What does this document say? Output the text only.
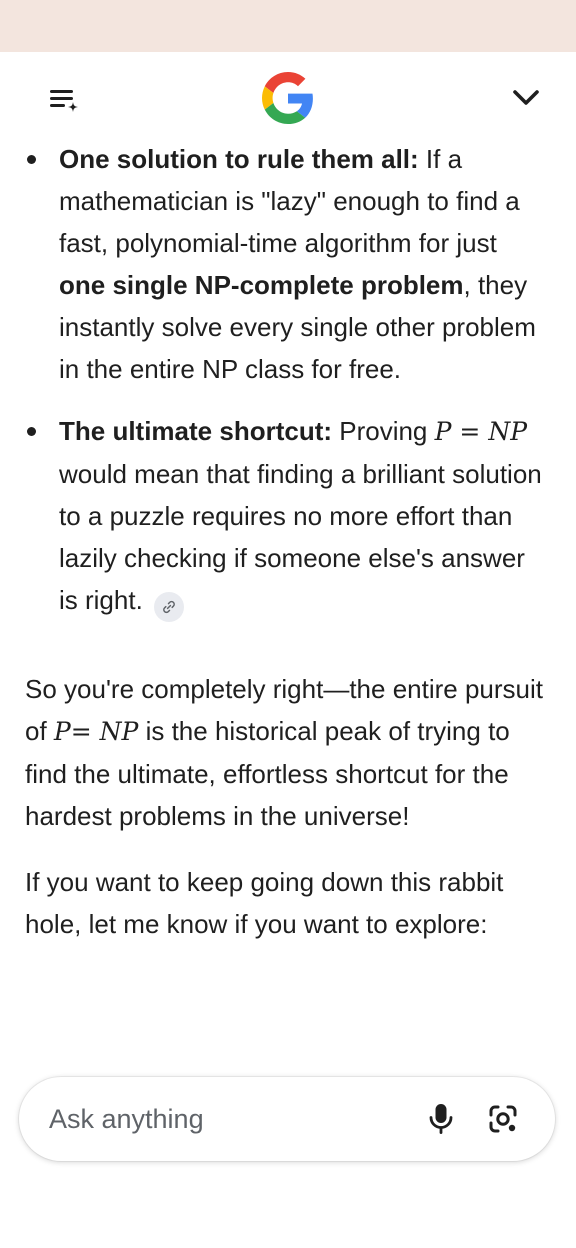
One solution to rule them all: If a mathematician is "lazy" enough to find a fast, polynomial-time algorithm for just one single NP-complete problem, they instantly solve every single other problem in the entire NP class for free.
The ultimate shortcut: Proving P = NP would mean that finding a brilliant solution to a puzzle requires no more effort than lazily checking if someone else's answer is right.

So you're completely right—the entire pursuit of P= NP is the historical peak of trying to find the ultimate, effortless shortcut for the hardest problems in the universe!

If you want to keep going down this rabbit hole, let me know if you want to explore:

Ask anything
